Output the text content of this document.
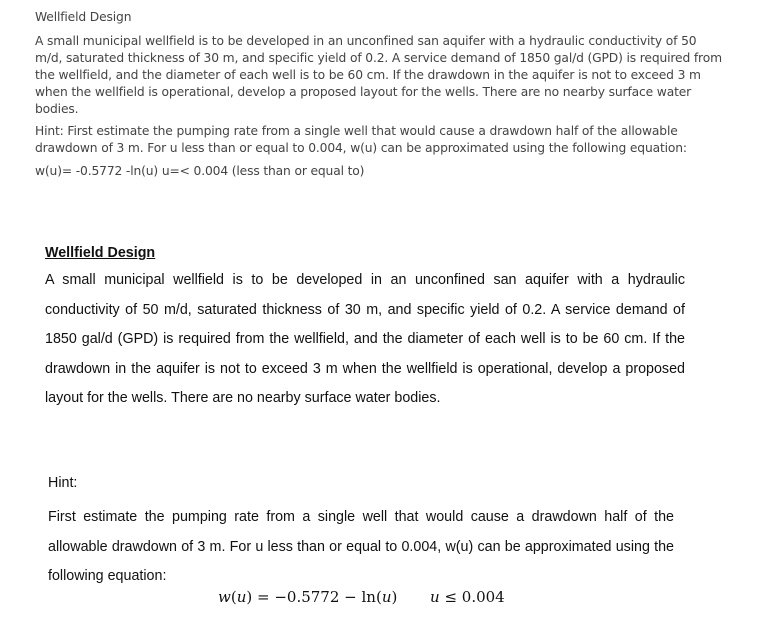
Wellfield Design
A small municipal wellfield is to be developed in an unconfined san aquifer with a hydraulic conductivity of 50 m/d, saturated thickness of 30 m, and specific yield of 0.2. A service demand of 1850 gal/d (GPD) is required from the wellfield, and the diameter of each well is to be 60 cm. If the drawdown in the aquifer is not to exceed 3 m when the wellfield is operational, develop a proposed layout for the wells. There are no nearby surface water bodies.
Hint: First estimate the pumping rate from a single well that would cause a drawdown half of the allowable drawdown of 3 m. For u less than or equal to 0.004, w(u) can be approximated using the following equation:
w(u)= -0.5772 -ln(u) u=< 0.004 (less than or equal to)
Wellfield Design

A small municipal wellfield is to be developed in an unconfined san aquifer with a hydraulic conductivity of 50 m/d, saturated thickness of 30 m, and specific yield of 0.2. A service demand of 1850 gal/d (GPD) is required from the wellfield, and the diameter of each well is to be 60 cm. If the drawdown in the aquifer is not to exceed 3 m when the wellfield is operational, develop a proposed layout for the wells. There are no nearby surface water bodies.

Hint:

First estimate the pumping rate from a single well that would cause a drawdown half of the allowable drawdown of 3 m. For u less than or equal to 0.004, w(u) can be approximated using the following equation:

w(u) = −0.5772 − ln(u) u ≤ 0.004
